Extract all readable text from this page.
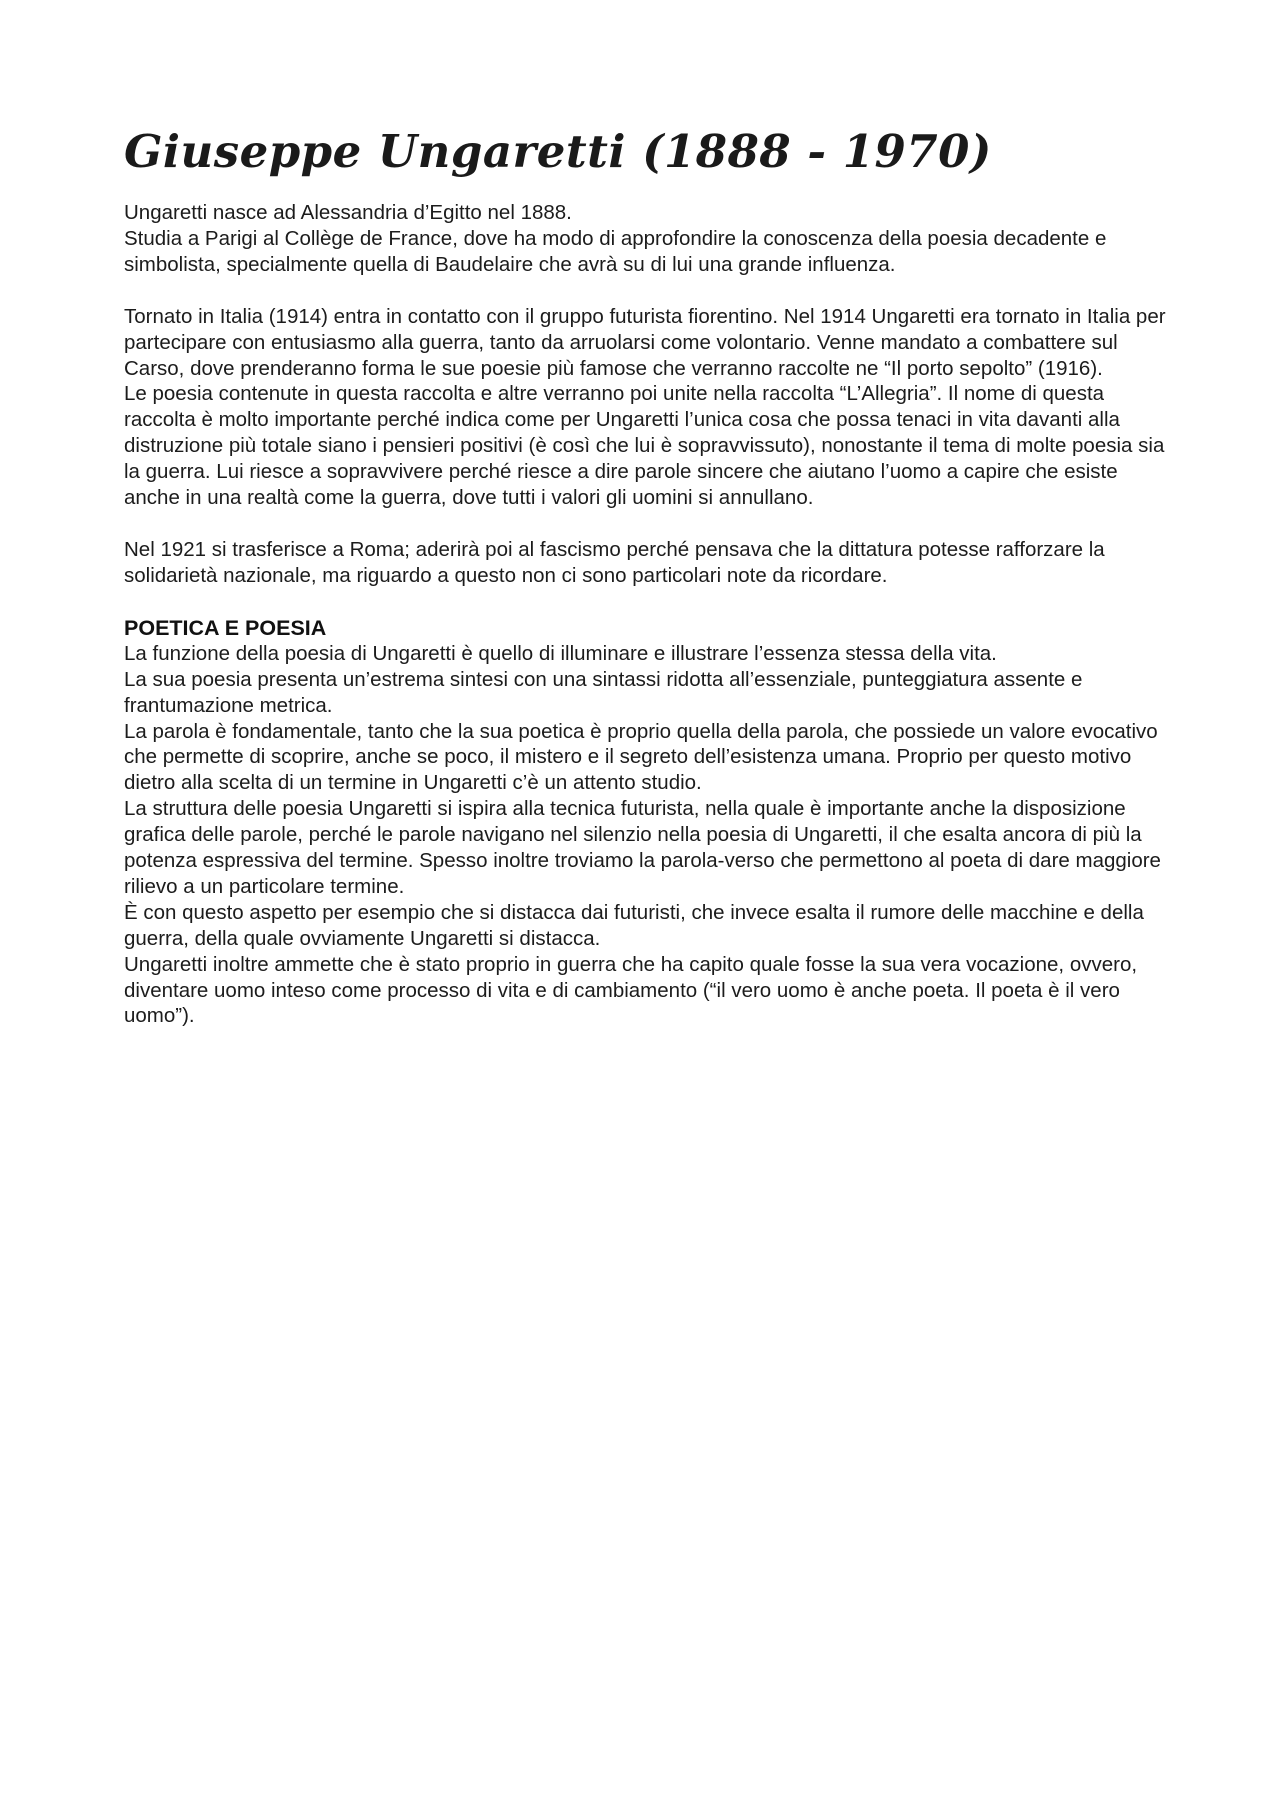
Giuseppe Ungaretti (1888 - 1970)

Ungaretti nasce ad Alessandria d’Egitto nel 1888.

Studia a Parigi al Collège de France, dove ha modo di approfondire la conoscenza della poesia decadente e simbolista, specialmente quella di Baudelaire che avrà su di lui una grande influenza.

Tornato in Italia (1914) entra in contatto con il gruppo futurista fiorentino. Nel 1914 Ungaretti era tornato in Italia per partecipare con entusiasmo alla guerra, tanto da arruolarsi come volontario. Venne mandato a combattere sul Carso, dove prenderanno forma le sue poesie più famose che verranno raccolte ne “Il porto sepolto” (1916).

Le poesia contenute in questa raccolta e altre verranno poi unite nella raccolta “L’Allegria”. Il nome di questa raccolta è molto importante perché indica come per Ungaretti l’unica cosa che possa tenaci in vita davanti alla distruzione più totale siano i pensieri positivi (è così che lui è sopravvissuto), nonostante il tema di molte poesia sia la guerra. Lui riesce a sopravvivere perché riesce a dire parole sincere che aiutano l’uomo a capire che esiste anche in una realtà come la guerra, dove tutti i valori gli uomini si annullano.

Nel 1921 si trasferisce a Roma; aderirà poi al fascismo perché pensava che la dittatura potesse rafforzare la solidarietà nazionale, ma riguardo a questo non ci sono particolari note da ricordare.

POETICA E POESIA

La funzione della poesia di Ungaretti è quello di illuminare e illustrare l’essenza stessa della vita.

La sua poesia presenta un’estrema sintesi con una sintassi ridotta all’essenziale, punteggiatura assente e frantumazione metrica.

La parola è fondamentale, tanto che la sua poetica è proprio quella della parola, che possiede un valore evocativo che permette di scoprire, anche se poco, il mistero e il segreto dell’esistenza umana. Proprio per questo motivo dietro alla scelta di un termine in Ungaretti c’è un attento studio.

La struttura delle poesia Ungaretti si ispira alla tecnica futurista, nella quale è importante anche la disposizione grafica delle parole, perché le parole navigano nel silenzio nella poesia di Ungaretti, il che esalta ancora di più la potenza espressiva del termine. Spesso inoltre troviamo la parola-verso che permettono al poeta di dare maggiore rilievo a un particolare termine.

È con questo aspetto per esempio che si distacca dai futuristi, che invece esalta il rumore delle macchine e della guerra, della quale ovviamente Ungaretti si distacca.

Ungaretti inoltre ammette che è stato proprio in guerra che ha capito quale fosse la sua vera vocazione, ovvero, diventare uomo inteso come processo di vita e di cambiamento (“il vero uomo è anche poeta. Il poeta è il vero uomo”).
